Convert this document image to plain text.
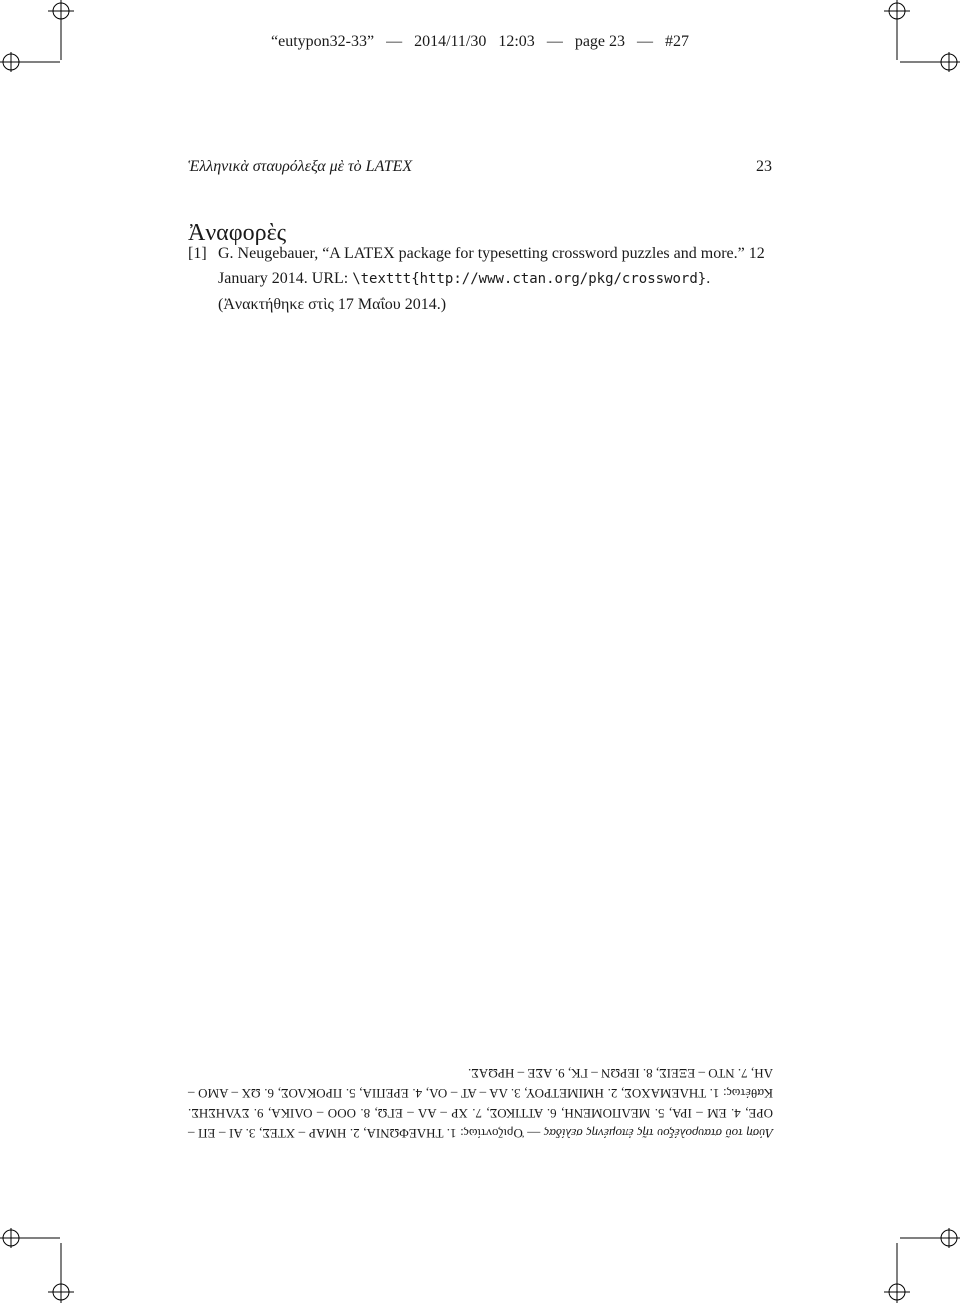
“eutypon32-33” — 2014/11/30 12:03 — page 23 — #27
Ἑλληνικὰ σταυρόλεξα μὲ τὸ LATEX	23
Ἀναφορὲς
[1] G. Neugebauer, “A LATEX package for typesetting crossword puzzles and more.” 12 January 2014. URL: \texttt{http://www.ctan.org/pkg/crossword}. (Ἀνακτήθηκε στὶς 17 Μαΐου 2014.)
Λύση τοῦ σταυρολέξου τῆς ἑπομένης σελίδας — Ὁριζοντίως: 1. ΤΗΛΕΦΩΝΙΑ, 2. ΗΜΑΡ – ΧΤΕΣ, 3. ΑΙ – ΕΠ – ΟΡΕ, 4. ΕΜ – ΙΡΑ, 5. ΜΕΛΠΟΜΕΝΗ, 6. ΑΤΤΙΚΟΣ, 7. ΧΡ – ΑΛ – ΕΓΩ, 8. ΟΟΟ – ΟΛΙΚΑ, 9. ΣΥΛΗΣΗΣ. Καθέτως: 1. ΤΗΛΕΜΑΧΟΣ, 2. ΗΜΙΜΕΤΡΟΥ, 3. ΛΑ – ΑΤ – ΟΛ, 4. ΕΡΕΠΙΑ, 5. ΠΡΟΚΛΟΣ, 6. ΩΧ – ΑΜΟ – ΛΗ, 7. ΝΤΟ – ΕΞΕΙΣ, 8. ΙΕΡΩΝ – ΓΚ, 9. ΑΣΕ – ΗΡΩΑΣ.
